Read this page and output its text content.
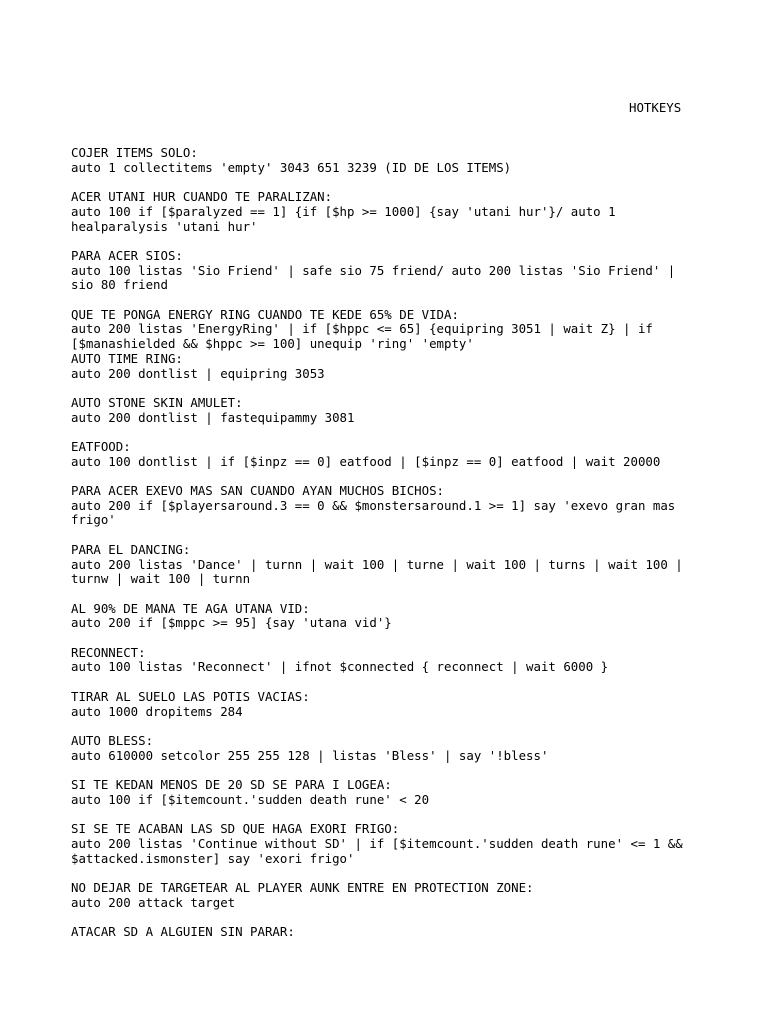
HOTKEYS
COJER ITEMS SOLO:
auto 1 collectitems 'empty' 3043 651 3239 (ID DE LOS ITEMS)
ACER UTANI HUR CUANDO TE PARALIZAN:
auto 100 if [$paralyzed == 1] {if [$hp >= 1000] {say 'utani hur'}/ auto 1
healparalysis 'utani hur'
PARA ACER SIOS:
auto 100 listas 'Sio Friend' | safe sio 75 friend/ auto 200 listas 'Sio Friend' |
sio 80 friend
QUE TE PONGA ENERGY RING CUANDO TE KEDE 65% DE VIDA:
auto 200 listas 'EnergyRing' | if [$hppc <= 65] {equipring 3051 | wait Z} | if
[$manashielded && $hppc >= 100] unequip 'ring' 'empty'
AUTO TIME RING:
auto 200 dontlist | equipring 3053
AUTO STONE SKIN AMULET:
auto 200 dontlist | fastequipammy 3081
EATFOOD:
auto 100 dontlist | if [$inpz == 0] eatfood | [$inpz == 0] eatfood | wait 20000
PARA ACER EXEVO MAS SAN CUANDO AYAN MUCHOS BICHOS:
auto 200 if [$playersaround.3 == 0 && $monstersaround.1 >= 1] say 'exevo gran mas
frigo'
PARA EL DANCING:
auto 200 listas 'Dance' | turnn | wait 100 | turne | wait 100 | turns | wait 100 |
turnw | wait 100 | turnn
AL 90% DE MANA TE AGA UTANA VID:
auto 200 if [$mppc >= 95] {say 'utana vid'}
RECONNECT:
auto 100 listas 'Reconnect' | ifnot $connected { reconnect | wait 6000 }
TIRAR AL SUELO LAS POTIS VACIAS:
auto 1000 dropitems 284
AUTO BLESS:
auto 610000 setcolor 255 255 128 | listas 'Bless' | say '!bless'
SI TE KEDAN MENOS DE 20 SD SE PARA I LOGEA:
auto 100 if [$itemcount.'sudden death rune' < 20
SI SE TE ACABAN LAS SD QUE HAGA EXORI FRIGO:
auto 200 listas 'Continue without SD' | if [$itemcount.'sudden death rune' <= 1 &&
$attacked.ismonster] say 'exori frigo'
NO DEJAR DE TARGETEAR AL PLAYER AUNK ENTRE EN PROTECTION ZONE:
auto 200 attack target
ATACAR SD A ALGUIEN SIN PARAR:
